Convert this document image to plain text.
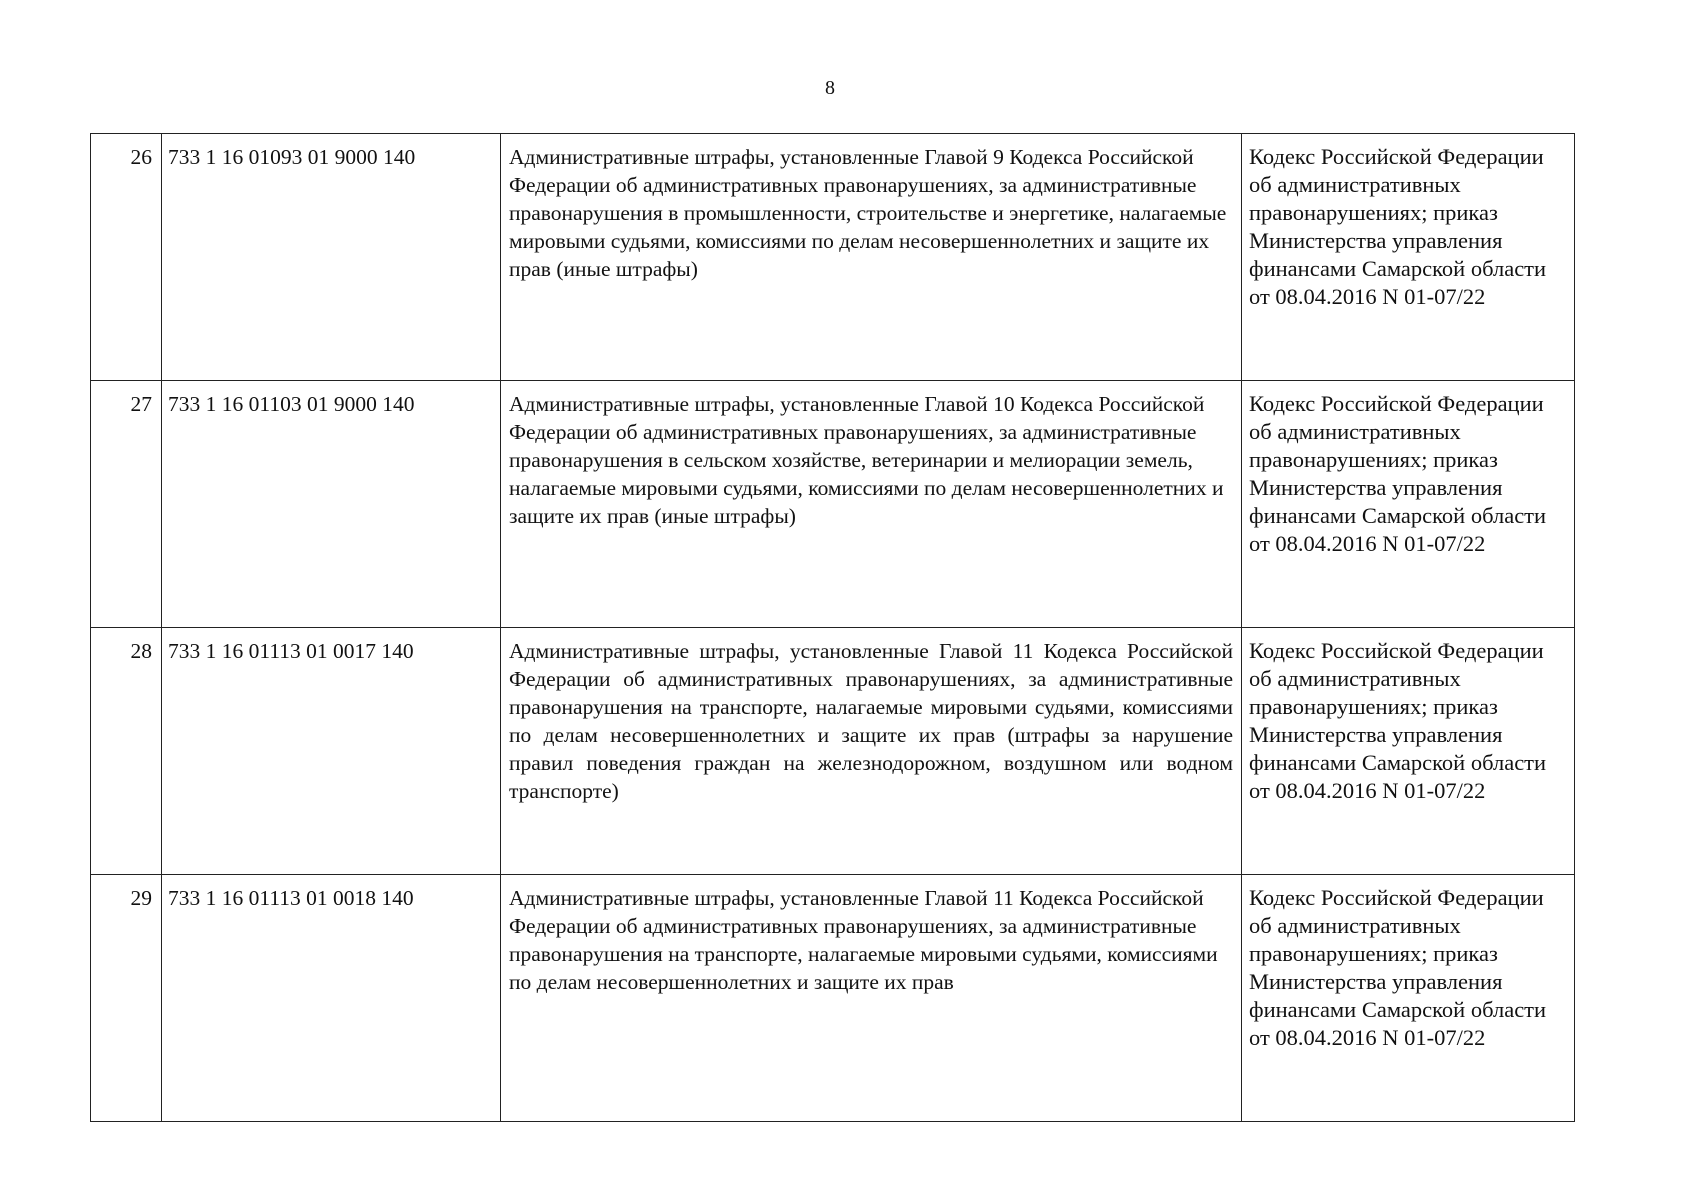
8
26	733 1 16 01093 01 9000 140	Административные штрафы, установленные Главой 9 Кодекса Российской Федерации об административных правонарушениях, за административные правонарушения в промышленности, строительстве и энергетике, налагаемые мировыми судьями, комиссиями по делам несовершеннолетних и защите их прав (иные штрафы)	Кодекс Российской Федерации об административных правонарушениях; приказ Министерства управления финансами Самарской области от 08.04.2016 N 01-07/22
27	733 1 16 01103 01 9000 140	Административные штрафы, установленные Главой 10 Кодекса Российской Федерации об административных правонарушениях, за административные правонарушения в сельском хозяйстве, ветеринарии и мелиорации земель, налагаемые мировыми судьями, комиссиями по делам несовершеннолетних и защите их прав (иные штрафы)	Кодекс Российской Федерации об административных правонарушениях; приказ Министерства управления финансами Самарской области от 08.04.2016 N 01-07/22
28	733 1 16 01113 01 0017 140	Административные штрафы, установленные Главой 11 Кодекса Российской Федерации об административных правонарушениях, за административные правонарушения на транспорте, налагаемые мировыми судьями, комиссиями по делам несовершеннолетних и защите их прав (штрафы за нарушение правил поведения граждан на железнодорожном, воздушном или водном транспорте)	Кодекс Российской Федерации об административных правонарушениях; приказ Министерства управления финансами Самарской области от 08.04.2016 N 01-07/22
29	733 1 16 01113 01 0018 140	Административные штрафы, установленные Главой 11 Кодекса Российской Федерации об административных правонарушениях, за административные правонарушения на транспорте, налагаемые мировыми судьями, комиссиями по делам несовершеннолетних и защите их прав	Кодекс Российской Федерации об административных правонарушениях; приказ Министерства управления финансами Самарской области от 08.04.2016 N 01-07/22
